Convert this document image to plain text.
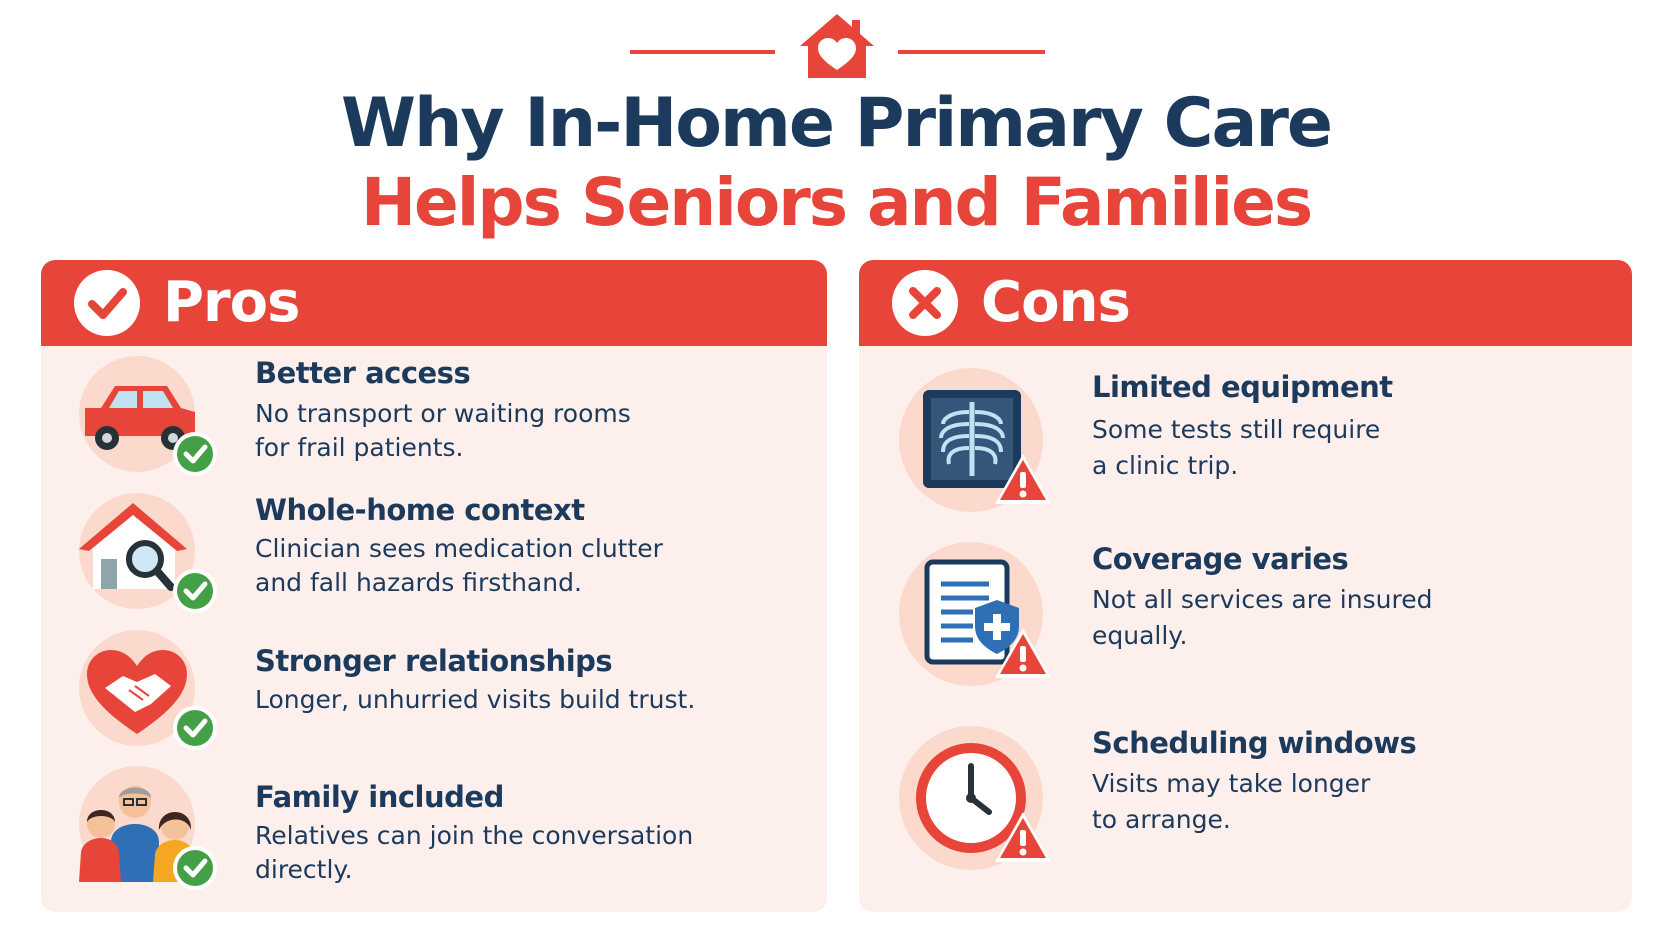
Why In-Home Primary Care
Helps Seniors and Families
Pros
Better access
No transport or waiting rooms
for frail patients.
Whole-home context
Clinician sees medication clutter
and fall hazards firsthand.
Stronger relationships
Longer, unhurried visits build trust.
Family included
Relatives can join the conversation
directly.
Cons
Limited equipment
Some tests still require
a clinic trip.
Coverage varies
Not all services are insured
equally.
Scheduling windows
Visits may take longer
to arrange.
